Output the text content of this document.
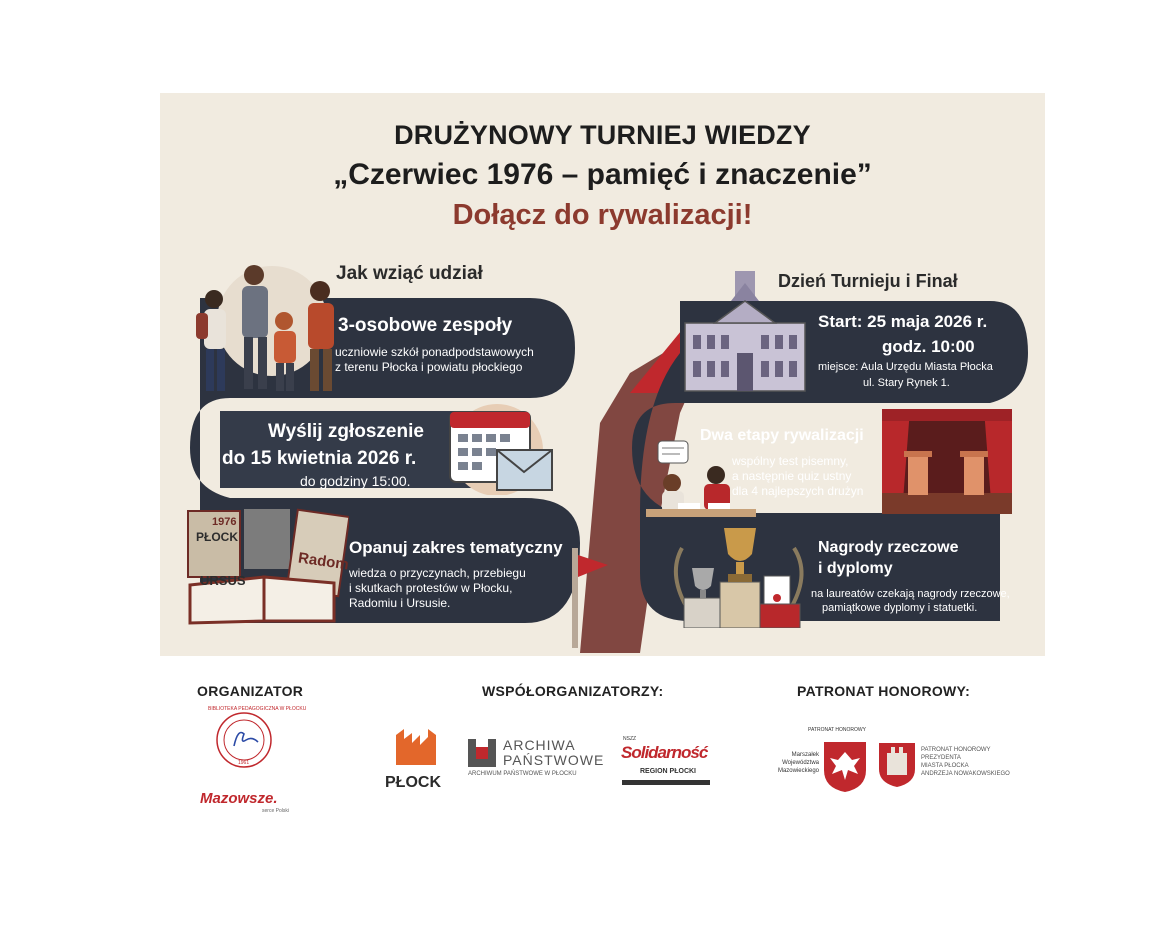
DRUŻYNOWY TURNIEJ WIEDZY
„Czerwiec 1976 – pamięć i znaczenie”
Dołącz do rywalizacji!
Jak wziąć udział
3-osobowe zespoły
uczniowie szkół ponadpodstawowych
z terenu Płocka i powiatu płockiego
Wyślij zgłoszenie
do 15 kwietnia 2026 r.
do godziny 15:00.
1976
PŁOCK
URSUS
Radom
Opanuj zakres tematyczny
wiedza o przyczynach, przebiegu
i skutkach protestów w Płocku,
Radomiu i Ursusie.
Dzień Turnieju i Finał
Start: 25 maja 2026 r.
godz. 10:00
miejsce: Aula Urzędu Miasta Płocka
ul. Stary Rynek 1.
Dwa etapy rywalizacji
wspólny test pisemny,
a następnie quiz ustny
dla 4 najlepszych drużyn
Nagrody rzeczowe
i dyplomy
na laureatów czekają nagrody rzeczowe,
pamiątkowe dyplomy i statuetki.
ORGANIZATOR	WSPÓŁORGANIZATORZY:	PATRONAT HONOROWY:
BIBLIOTEKA PEDAGOGICZNA W PŁOCKU
1961
Mazowsze.
serce Polski
PŁOCK
ARCHIWA
PAŃSTWOWE
ARCHIWUM PAŃSTWOWE W PŁOCKU
NSZZ
Solidarność
REGION PŁOCKI
PATRONAT HONOROWY
Marszałek
Województwa
Mazowieckiego
PATRONAT HONOROWY
PREZYDENTA
MIASTA PŁOCKA
ANDRZEJA NOWAKOWSKIEGO
